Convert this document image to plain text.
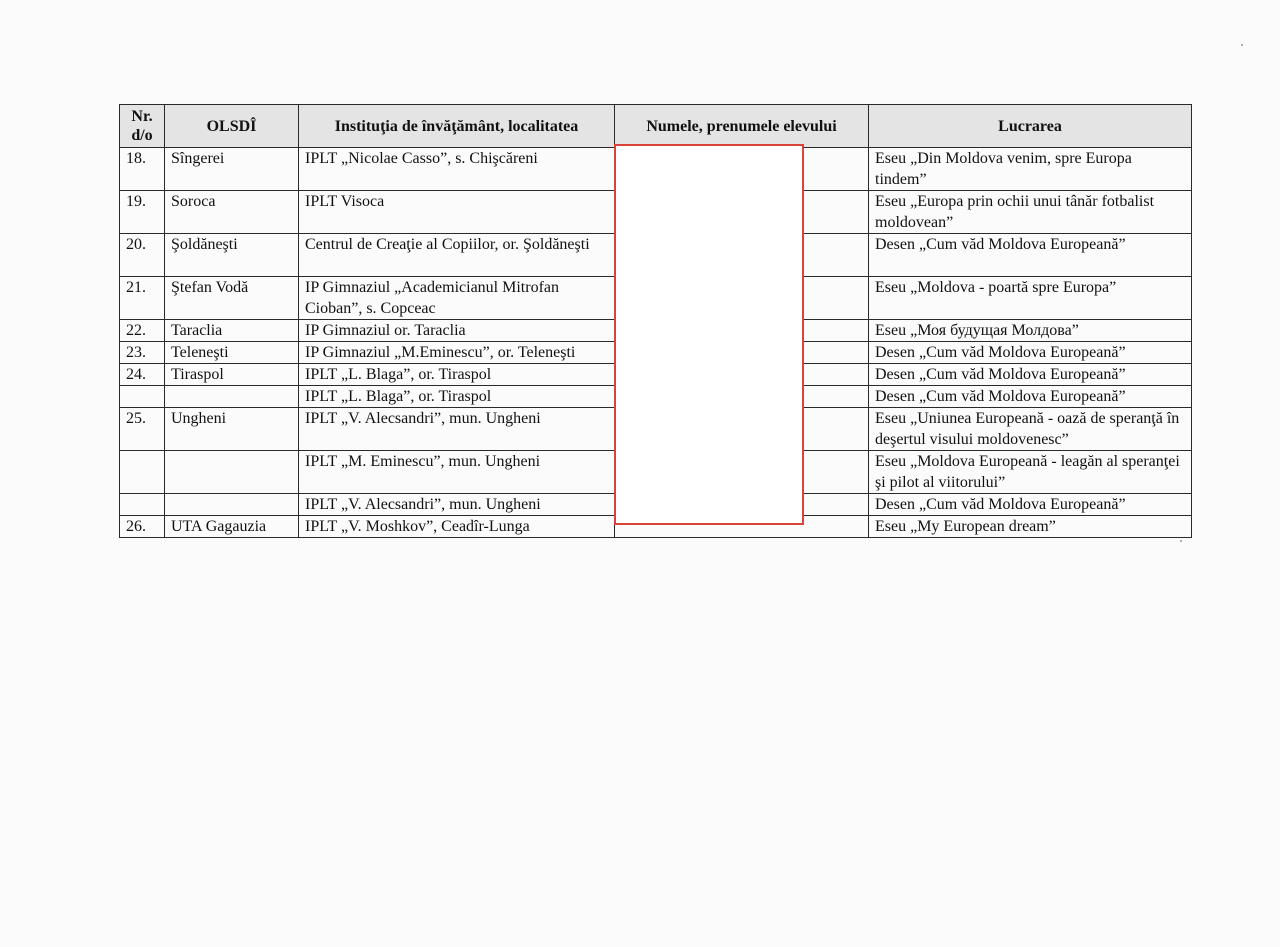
Nr. d/o	OLSDÎ	Instituţia de învăţământ, localitatea	Numele, prenumele elevului	Lucrarea
18.	Sîngerei	IPLT „Nicolae Casso”, s. Chişcăreni		Eseu „Din Moldova venim, spre Europa tindem”
19.	Soroca	IPLT Visoca		Eseu „Europa prin ochii unui tânăr fotbalist moldovean”
20.	Şoldăneşti	Centrul de Creaţie al Copiilor, or. Şoldăneşti		Desen „Cum văd Moldova Europeană”
21.	Ştefan Vodă	IP Gimnaziul „Academicianul Mitrofan Cioban”, s. Copceac		Eseu „Moldova - poartă spre Europa”
22.	Taraclia	IP Gimnaziul or. Taraclia		Eseu „Моя будущая Молдова”
23.	Teleneşti	IP Gimnaziul „M.Eminescu”, or. Teleneşti		Desen „Cum văd Moldova Europeană”
24.	Tiraspol	IPLT „L. Blaga”, or. Tiraspol		Desen „Cum văd Moldova Europeană”
		IPLT „L. Blaga”, or. Tiraspol		Desen „Cum văd Moldova Europeană”
25.	Ungheni	IPLT „V. Alecsandri”, mun. Ungheni		Eseu „Uniunea Europeană - oază de speranţă în deşertul visului moldovenesc”
		IPLT „M. Eminescu”, mun. Ungheni		Eseu „Moldova Europeană - leagăn al speranţei şi pilot al viitorului”
		IPLT „V. Alecsandri”, mun. Ungheni		Desen „Cum văd Moldova Europeană”
26.	UTA Gagauzia	IPLT „V. Moshkov”, Ceadîr-Lunga		Eseu „My European dream”
